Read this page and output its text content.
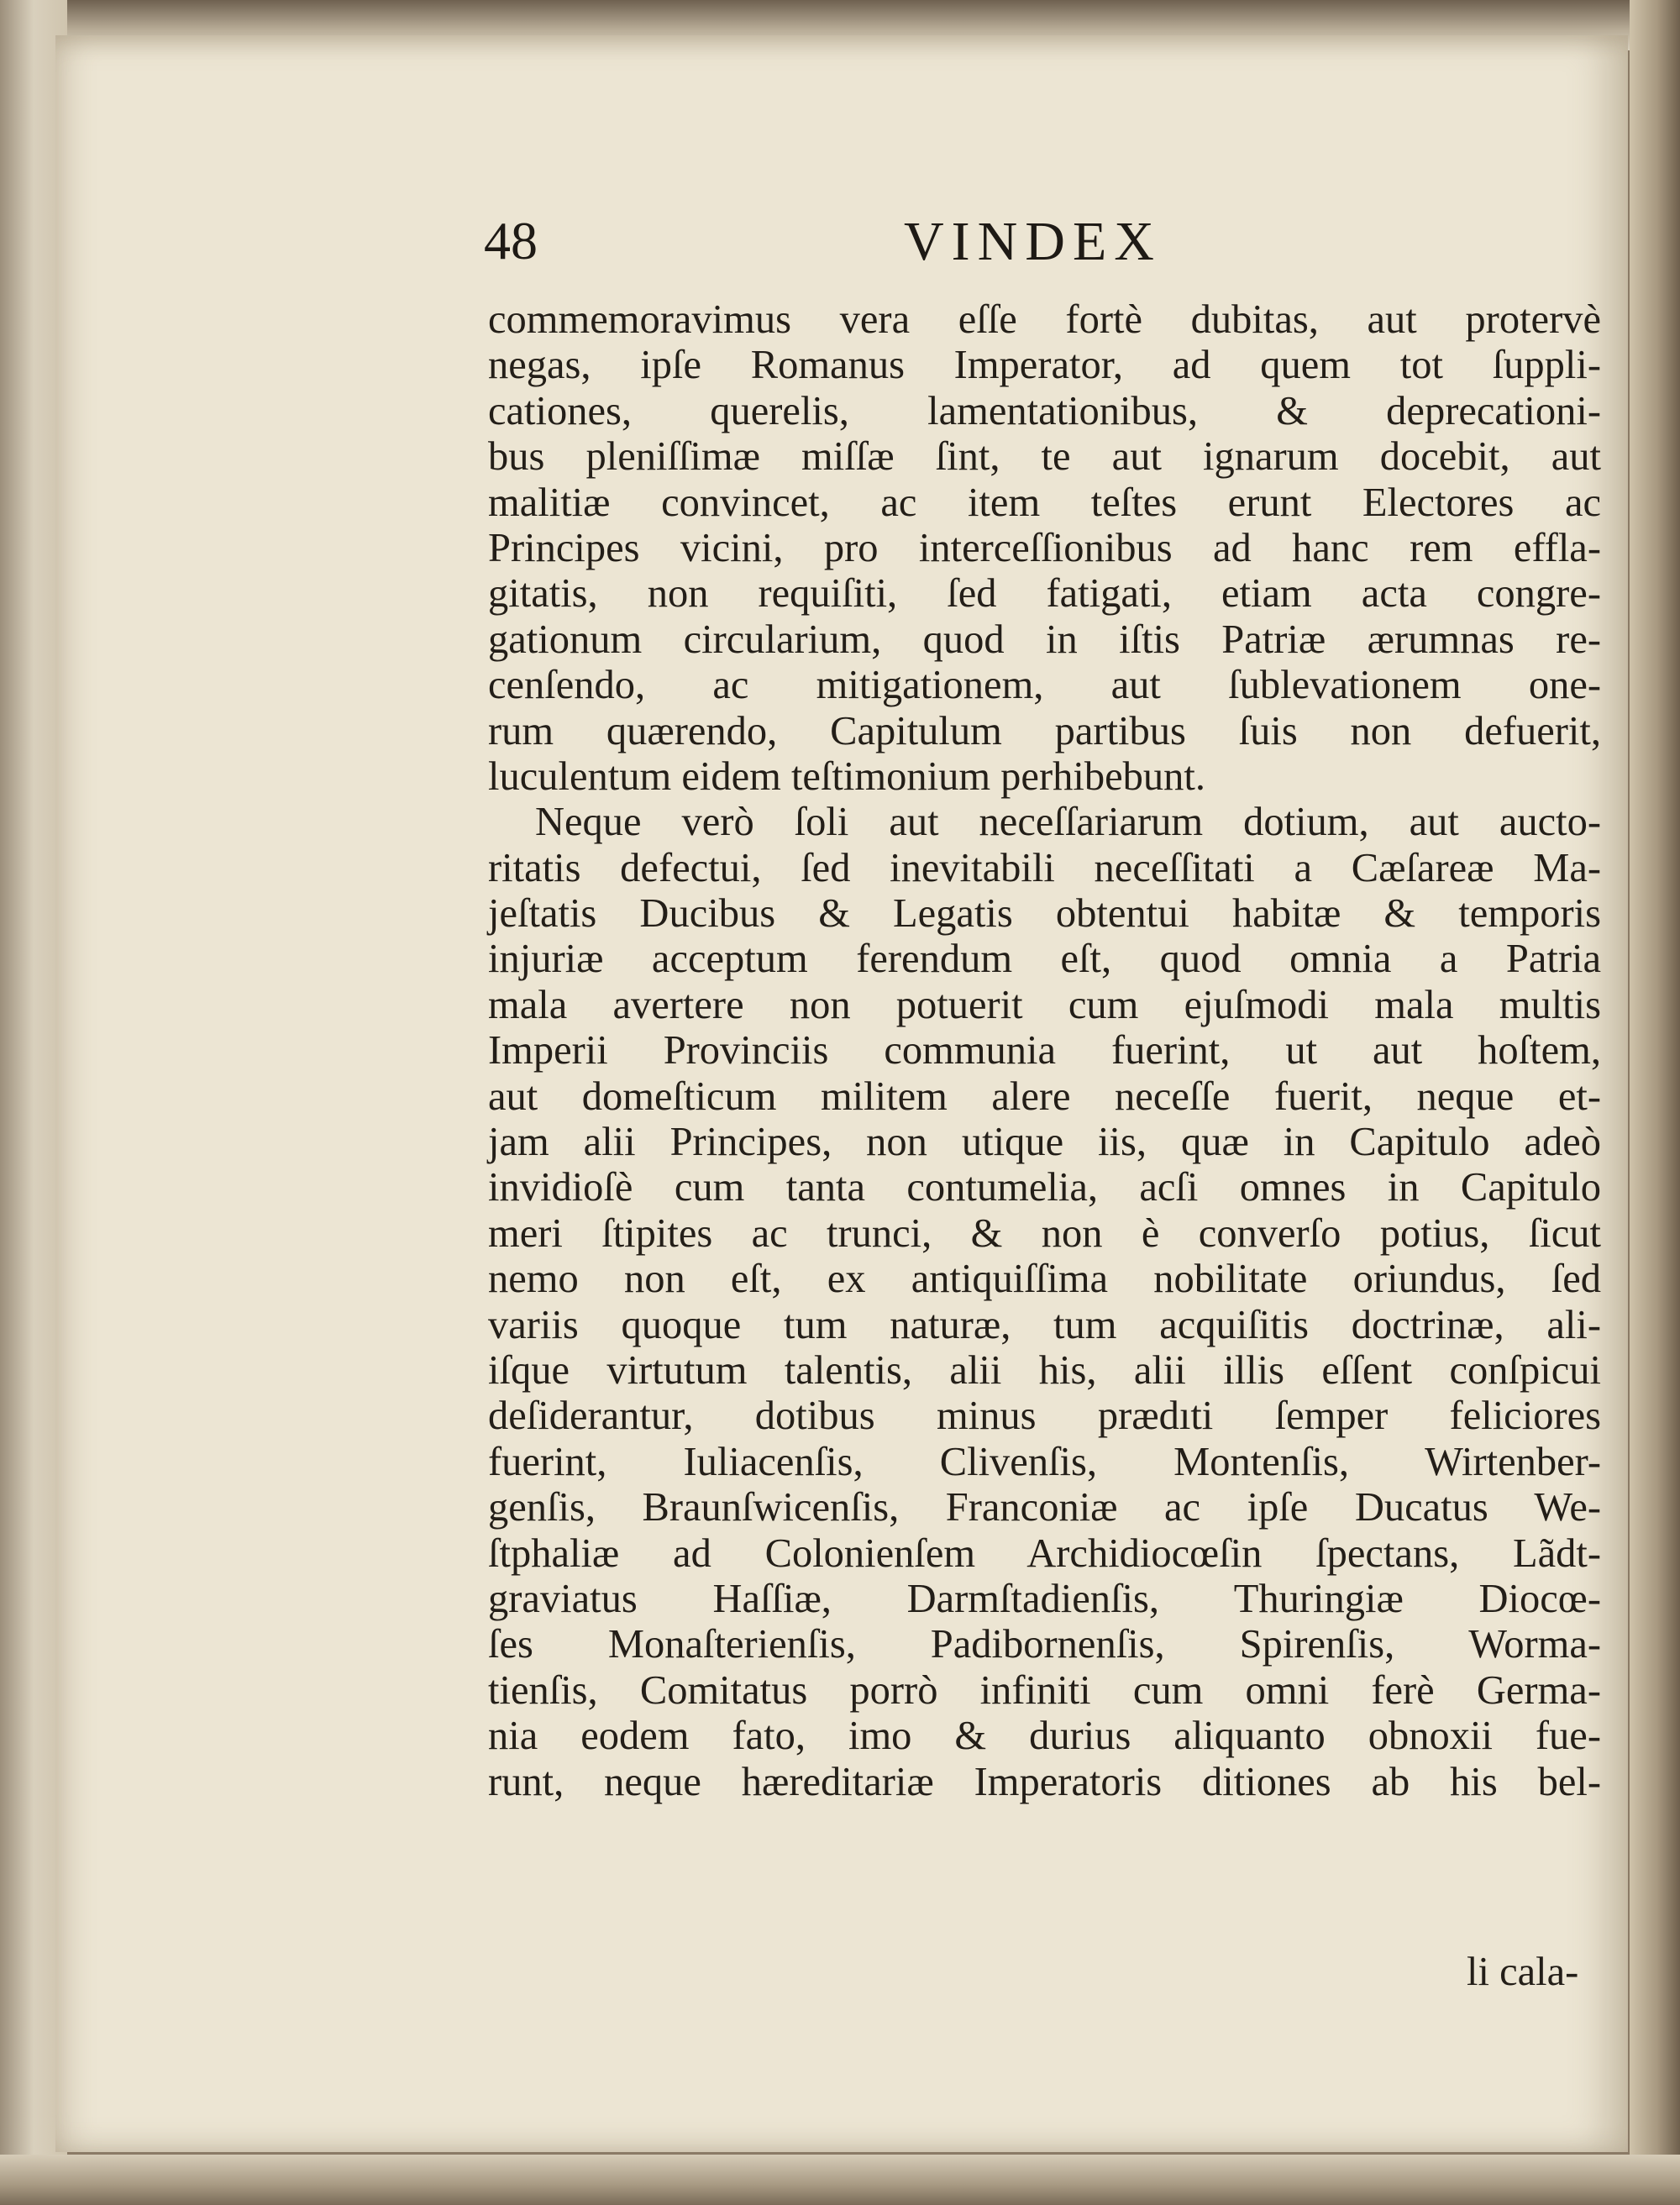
48	VINDEX
commemoravimus vera eſſe fortè dubitas, aut protervè
negas, ipſe Romanus Imperator, ad quem tot ſuppli-
cationes, querelis, lamentationibus, & deprecationi-
bus pleniſſimæ miſſæ ſint, te aut ignarum docebit, aut
malitiæ convincet, ac item teſtes erunt Electores ac
Principes vicini, pro interceſſionibus ad hanc rem effla-
gitatis, non requiſiti, ſed fatigati, etiam acta congre-
gationum circularium, quod in iſtis Patriæ ærumnas re-
cenſendo, ac mitigationem, aut ſublevationem one-
rum quærendo, Capitulum partibus ſuis non defuerit,
luculentum eidem teſtimonium perhibebunt.
Neque verò ſoli aut neceſſariarum dotium, aut aucto-
ritatis defectui, ſed inevitabili neceſſitati a Cæſareæ Ma-
jeſtatis Ducibus & Legatis obtentui habitæ & temporis
injuriæ acceptum ferendum eſt, quod omnia a Patria
mala avertere non potuerit cum ejuſmodi mala multis
Imperii Provinciis communia fuerint, ut aut hoſtem,
aut domeſticum militem alere neceſſe fuerit, neque et-
jam alii Principes, non utique iis, quæ in Capitulo adeò
invidioſè cum tanta contumelia, acſi omnes in Capitulo
meri ſtipites ac trunci, & non è converſo potius, ſicut
nemo non eſt, ex antiquiſſima nobilitate oriundus, ſed
variis quoque tum naturæ, tum acquiſitis doctrinæ, ali-
iſque virtutum talentis, alii his, alii illis eſſent conſpicui
deſiderantur, dotibus minus prædıti ſemper feliciores
fuerint, Iuliacenſis, Clivenſis, Montenſis, Wirtenber-
genſis, Braunſwicenſis, Franconiæ ac ipſe Ducatus We-
ſtphaliæ ad Colonienſem Archidiocœſin ſpectans, Lãdt-
graviatus Haſſiæ, Darmſtadienſis, Thuringiæ Diocœ-
ſes Monaſterienſis, Padibornenſis, Spirenſis, Worma-
tienſis, Comitatus porrò infiniti cum omni ferè Germa-
nia eodem fato, imo & durius aliquanto obnoxii fue-
runt, neque hæreditariæ Imperatoris ditiones ab his bel-
li cala-
